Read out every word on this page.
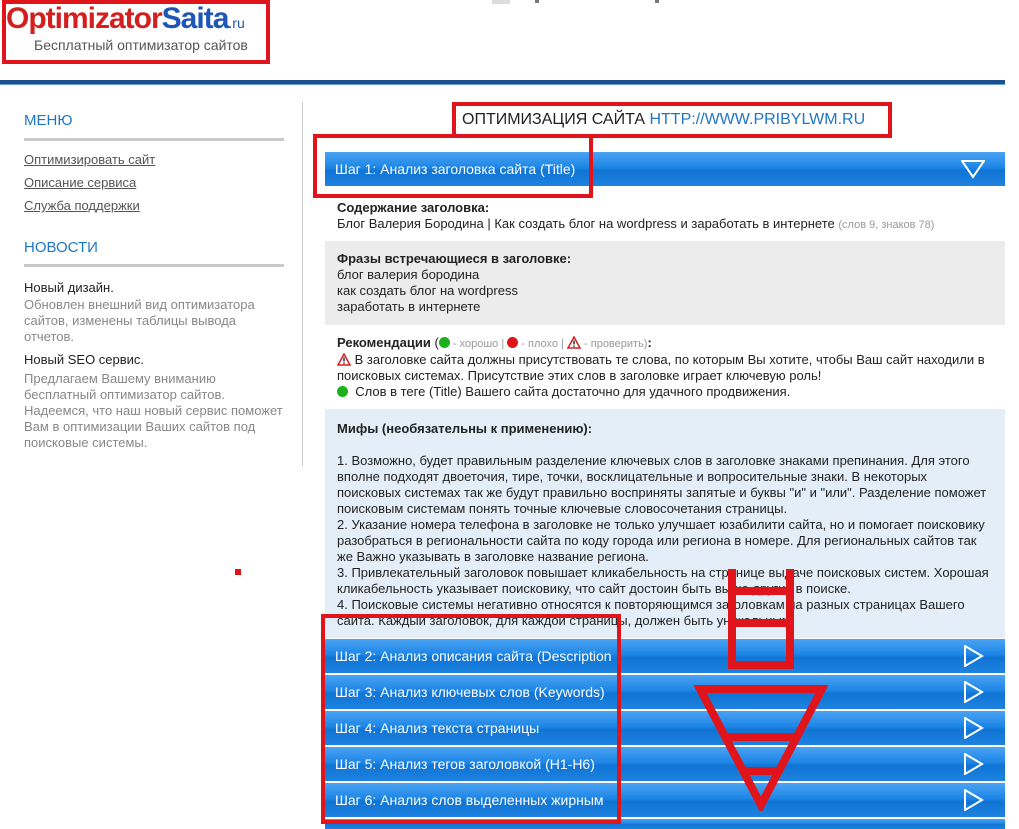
OptimizatorSaita.ru
Бесплатный оптимизатор сайтов
МЕНЮ
Оптимизировать сайт
Описание сервиса
Служба поддержки
НОВОСТИ
Новый дизайн.
Обновлен внешний вид оптимизатора сайтов, изменены таблицы вывода отчетов.
Новый SEO сервис.
Предлагаем Вашему вниманию бесплатный оптимизатор сайтов. Надеемся, что наш новый сервис поможет Вам в оптимизации Ваших сайтов под поисковые системы.
ОПТИМИЗАЦИЯ САЙТА HTTP://WWW.PRIBYLWM.RU
Шаг 1: Анализ заголовка сайта (Title)
Содержание заголовка:
Блог Валерия Бородина | Как создать блог на wordpress и заработать в интернете (слов 9, знаков 78)
Фразы встречающиеся в заголовке:
блог валерия бородина
как создать блог на wordpress
заработать в интернете
Рекомендации ( - хорошо |  - плохо |  - проверить):
В заголовке сайта должны присутствовать те слова, по которым Вы хотите, чтобы Ваш сайт находили в поисковых системах. Присутствие этих слов в заголовке играет ключевую роль!
Слов в теге (Title) Вашего сайта достаточно для удачного продвижения.
Мифы (необязательны к применению):
1. Возможно, будет правильным разделение ключевых слов в заголовке знаками препинания. Для этого вполне подходят двоеточия, тире, точки, восклицательные и вопросительные знаки. В некоторых поисковых системах так же будут правильно восприняты запятые и буквы "и" и "или". Разделение поможет поисковым системам понять точные ключевые словосочетания страницы.
2. Указание номера телефона в заголовке не только улучшает юзабилити сайта, но и помогает поисковику разобраться в региональности сайта по коду города или региона в номере. Для региональных сайтов так же Важно указывать в заголовке название региона.
3. Привлекательный заголовок повышает кликабельность на странице выдаче поисковых систем. Хорошая кликабельность указывает поисковику, что сайт достоин быть выше других в поиске.
4. Поисковые системы негативно относятся к повторяющимся заголовкам на разных страницах Вашего сайта. Каждый заголовок, для каждой страницы, должен быть уникальным.
Шаг 2: Анализ описания сайта (Description
Шаг 3: Анализ ключевых слов (Keywords)
Шаг 4: Анализ текста страницы
Шаг 5: Анализ тегов заголовкой (H1-H6)
Шаг 6: Анализ слов выделенных жирным
